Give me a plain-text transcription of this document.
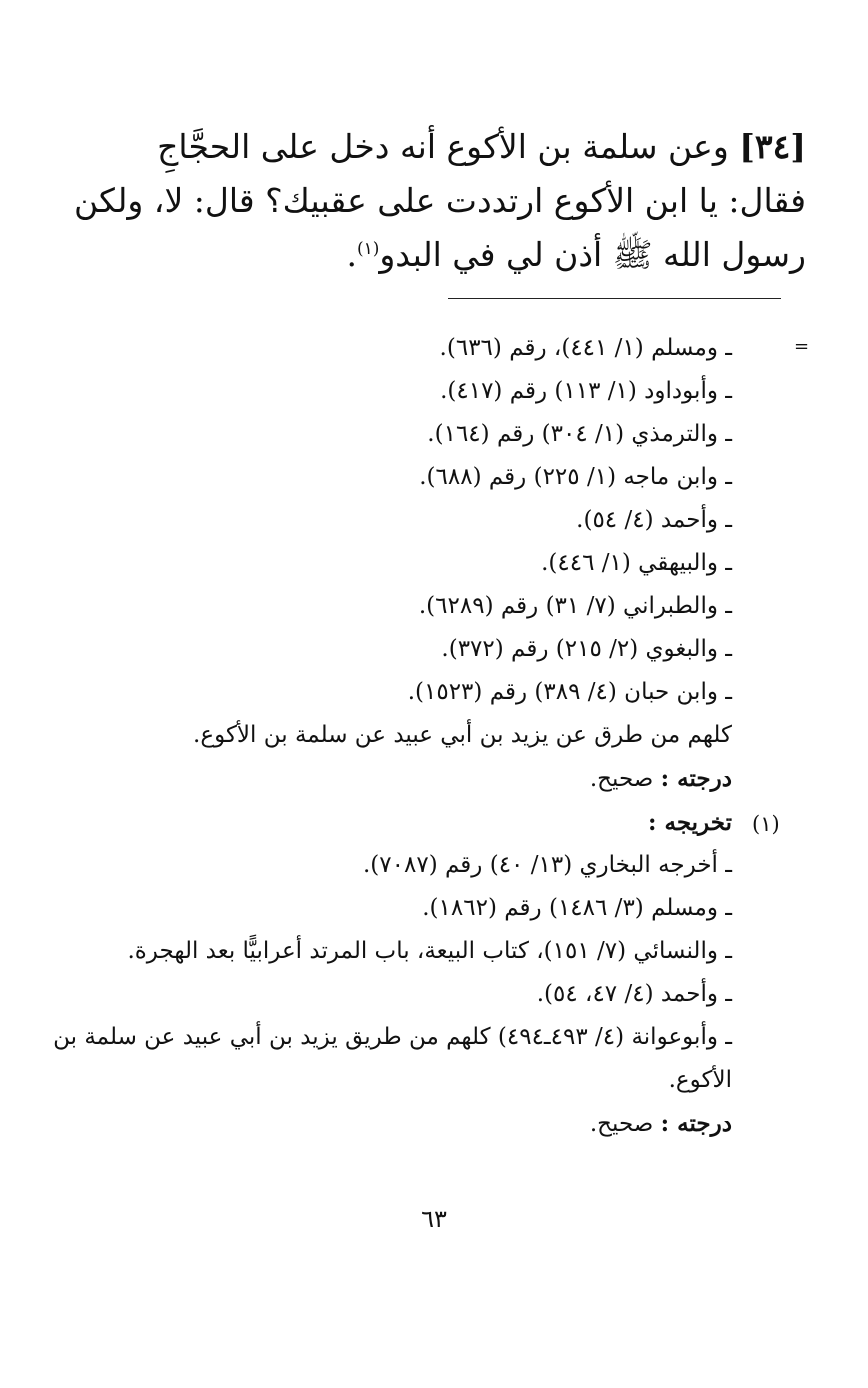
[٣٤] وعن سلمة بن الأكوع أنه دخل على الحجَّاجِ
فقال: يا ابن الأكوع ارتددت على عقبيك؟ قال: لا، ولكن
رسول الله ﷺ أذن لي في البدو$^{(١)}$.
=
(١)
ـ ومسلم (١/ ٤٤١)، رقم (٦٣٦).
ـ وأبوداود (١/ ١١٣) رقم (٤١٧).
ـ والترمذي (١/ ٣٠٤) رقم (١٦٤).
ـ وابن ماجه (١/ ٢٢٥) رقم (٦٨٨).
ـ وأحمد (٤/ ٥٤).
ـ والبيهقي (١/ ٤٤٦).
ـ والطبراني (٧/ ٣١) رقم (٦٢٨٩).
ـ والبغوي (٢/ ٢١٥) رقم (٣٧٢).
ـ وابن حبان (٤/ ٣٨٩) رقم (١٥٢٣).
كلهم من طرق عن يزيد بن أبي عبيد عن سلمة بن الأكوع.
درجته : صحيح.
تخريجه :
ـ أخرجه البخاري (١٣/ ٤٠) رقم (٧٠٨٧).
ـ ومسلم (٣/ ١٤٨٦) رقم (١٨٦٢).
ـ والنسائي (٧/ ١٥١)، كتاب البيعة، باب المرتد أعرابيًّا بعد الهجرة.
ـ وأحمد (٤/ ٤٧، ٥٤).
ـ وأبوعوانة (٤/ ٤٩٣ـ٤٩٤) كلهم من طريق يزيد بن أبي عبيد عن سلمة بن
الأكوع.
درجته : صحيح.
٦٣
